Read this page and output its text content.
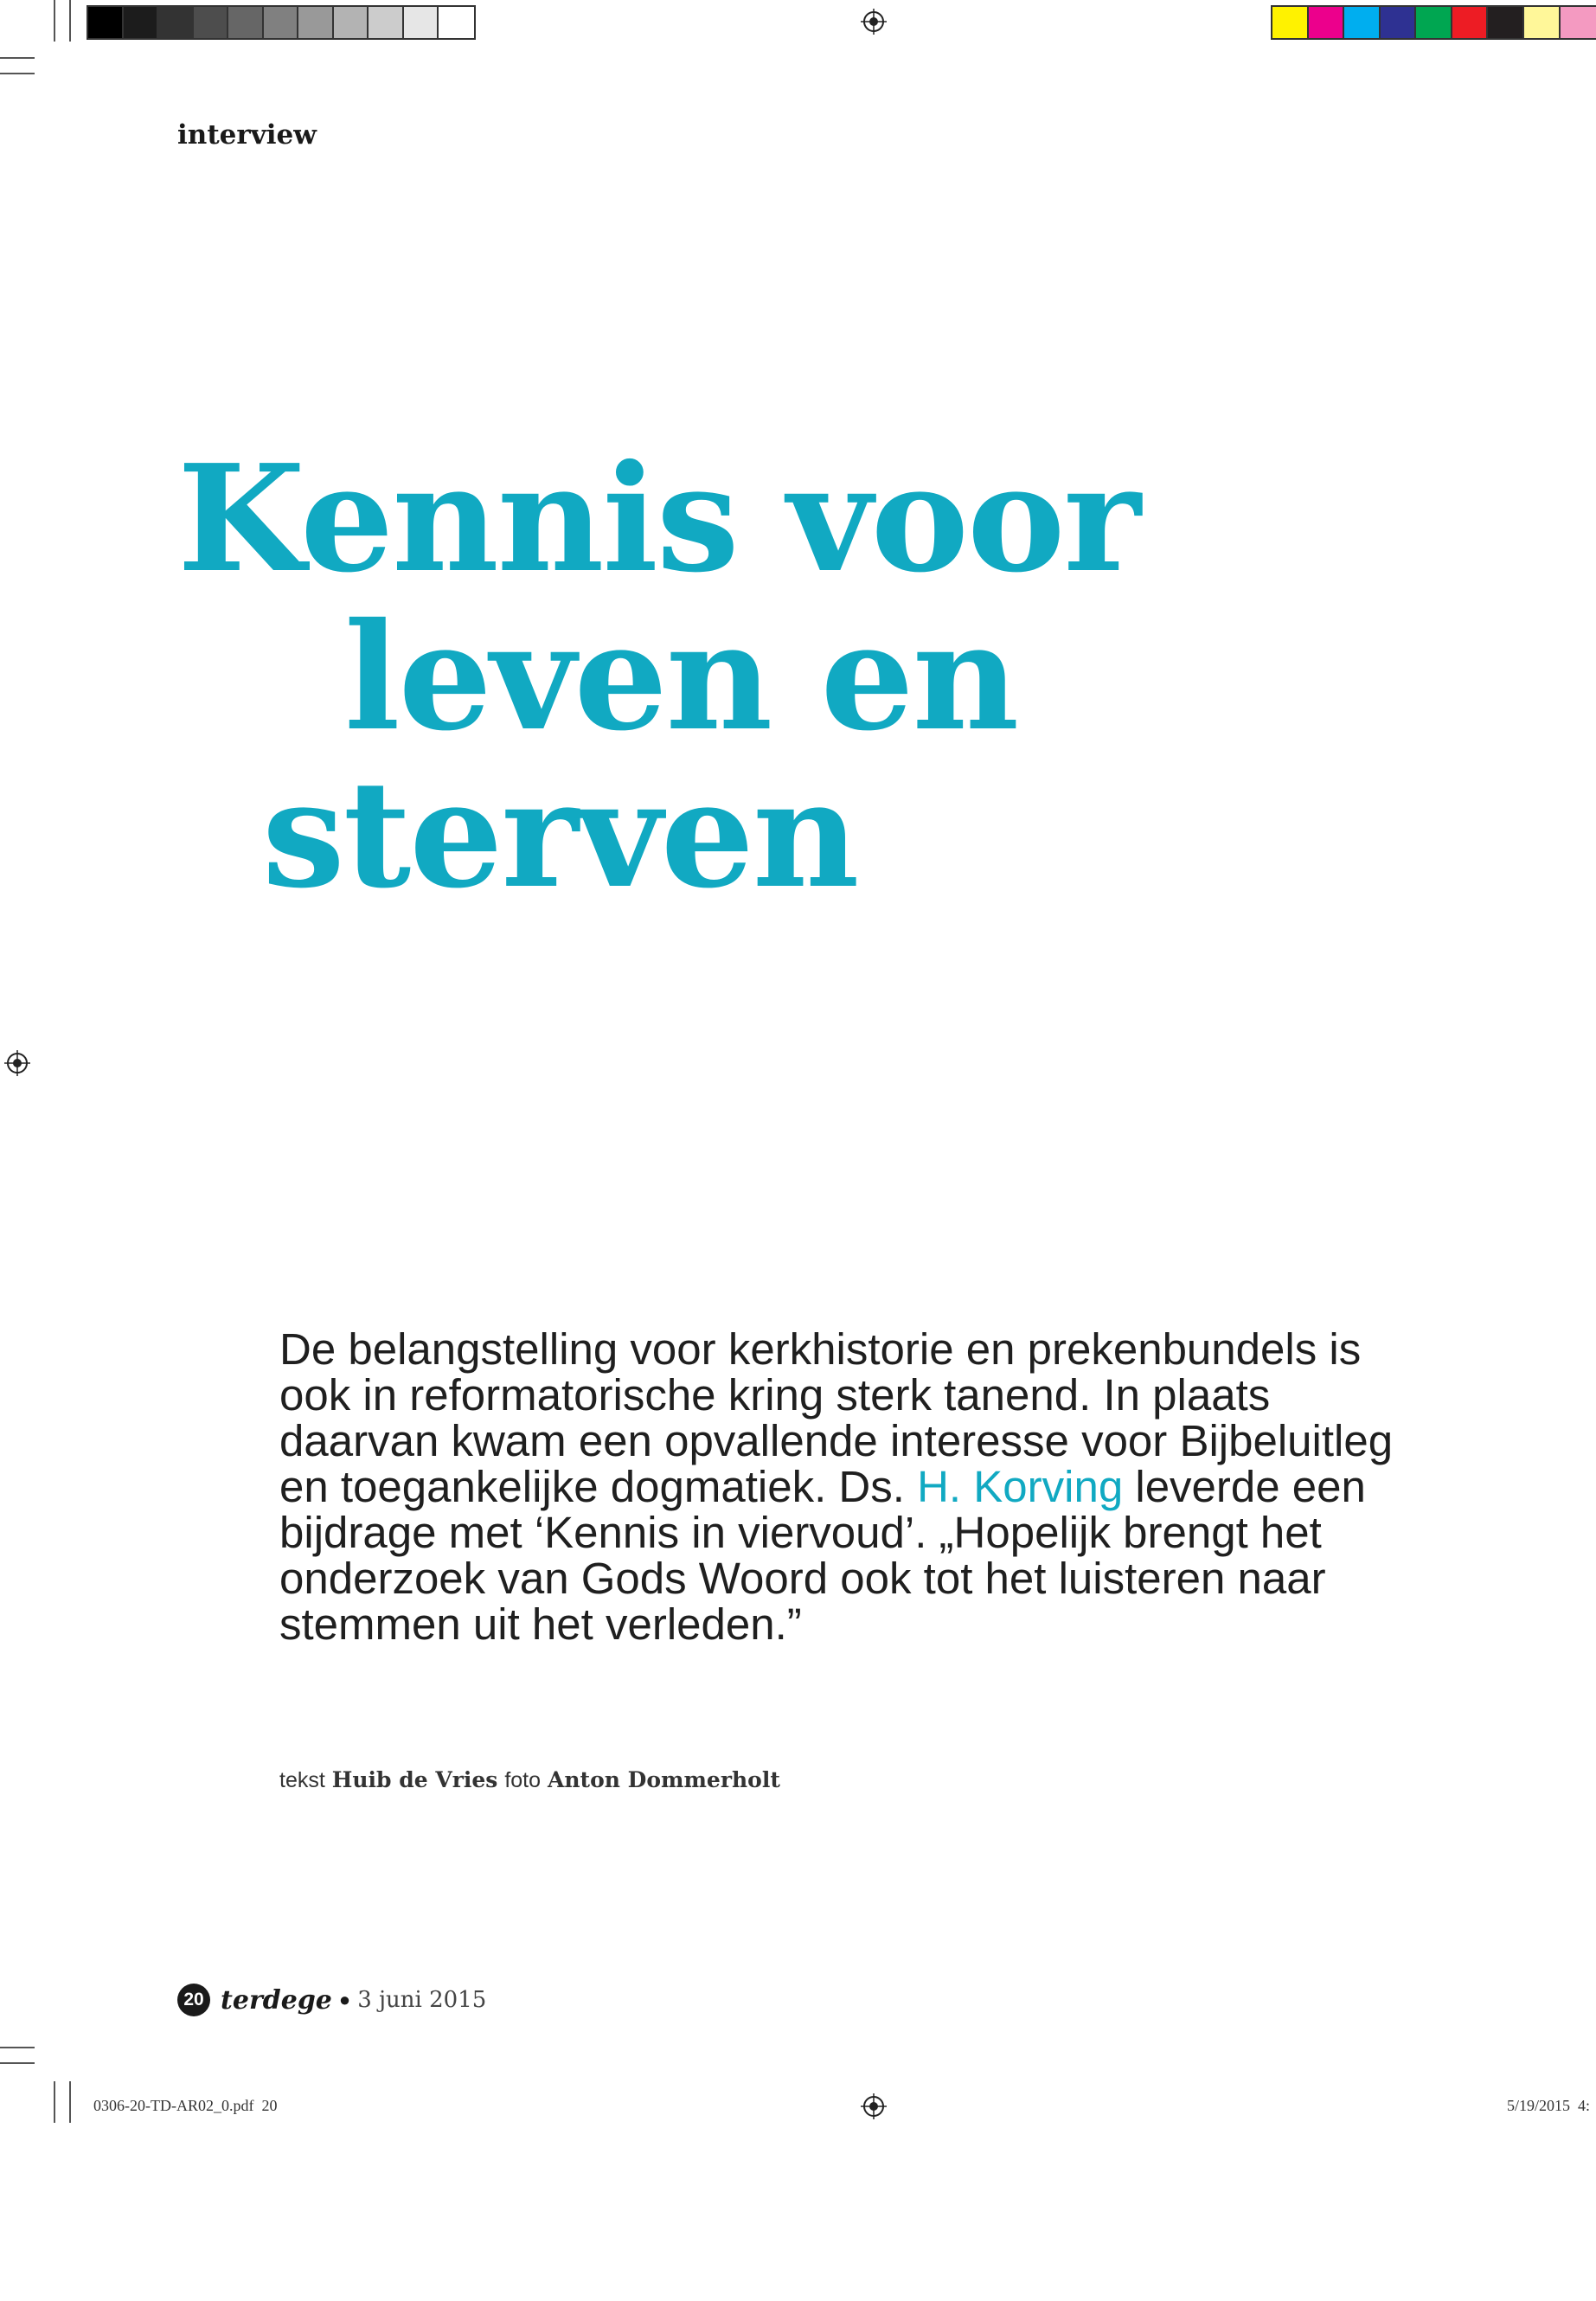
interview
Kennis voor
leven en
sterven
De belangstelling voor kerkhistorie en prekenbundels is ook in reformatorische kring sterk tanend. In plaats daarvan kwam een opvallende interesse voor Bijbeluitleg en toegankelijke dogmatiek. Ds. H. Korving leverde een bijdrage met ‘Kennis in viervoud’. „Hopelijk brengt het onderzoek van Gods Woord ook tot het luisteren naar stemmen uit het verleden.”
tekst Huib de Vries foto Anton Dommerholt
20 terdege ● 3 juni 2015
0306-20-TD-AR02_0.pdf  20	5/19/2015  4:
